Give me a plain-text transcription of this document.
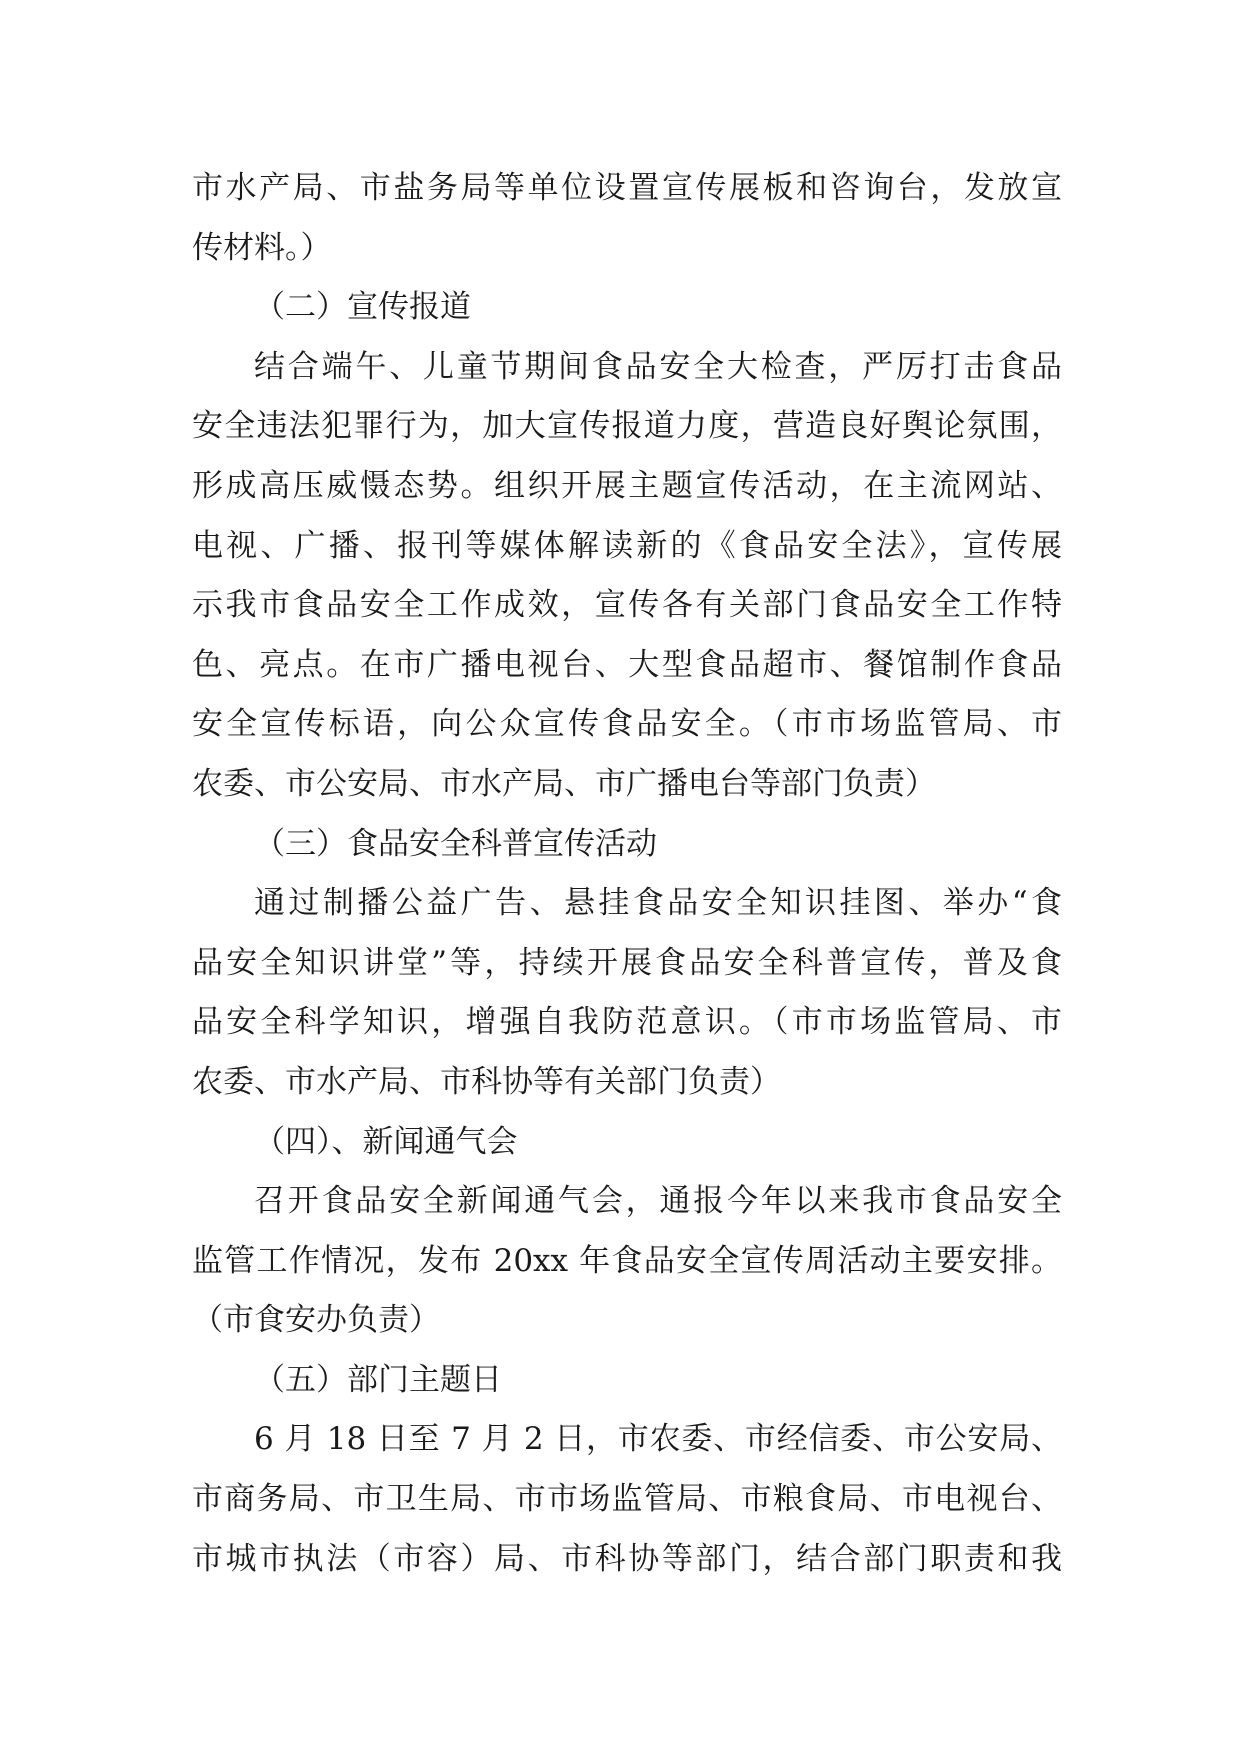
市水产局、市盐务局等单位设置宣传展板和咨询台，发放宣
传材料。）
（二）宣传报道
结合端午、儿童节期间食品安全大检查，严厉打击食品
安全违法犯罪行为，加大宣传报道力度，营造良好舆论氛围，
形成高压威慑态势。组织开展主题宣传活动，在主流网站、
电视、广播、报刊等媒体解读新的《食品安全法》，宣传展
示我市食品安全工作成效，宣传各有关部门食品安全工作特
色、亮点。在市广播电视台、大型食品超市、餐馆制作食品
安全宣传标语，向公众宣传食品安全。（市市场监管局、市
农委、市公安局、市水产局、市广播电台等部门负责）
（三）食品安全科普宣传活动
通过制播公益广告、悬挂食品安全知识挂图、举办“食
品安全知识讲堂”等，持续开展食品安全科普宣传，普及食
品安全科学知识，增强自我防范意识。（市市场监管局、市
农委、市水产局、市科协等有关部门负责）
（四）、新闻通气会
召开食品安全新闻通气会，通报今年以来我市食品安全
监管工作情况，发布 20xx 年食品安全宣传周活动主要安排。
（市食安办负责）
（五）部门主题日
6 月 18 日至 7 月 2 日，市农委、市经信委、市公安局、
市商务局、市卫生局、市市场监管局、市粮食局、市电视台、
市城市执法（市容）局、市科协等部门，结合部门职责和我
